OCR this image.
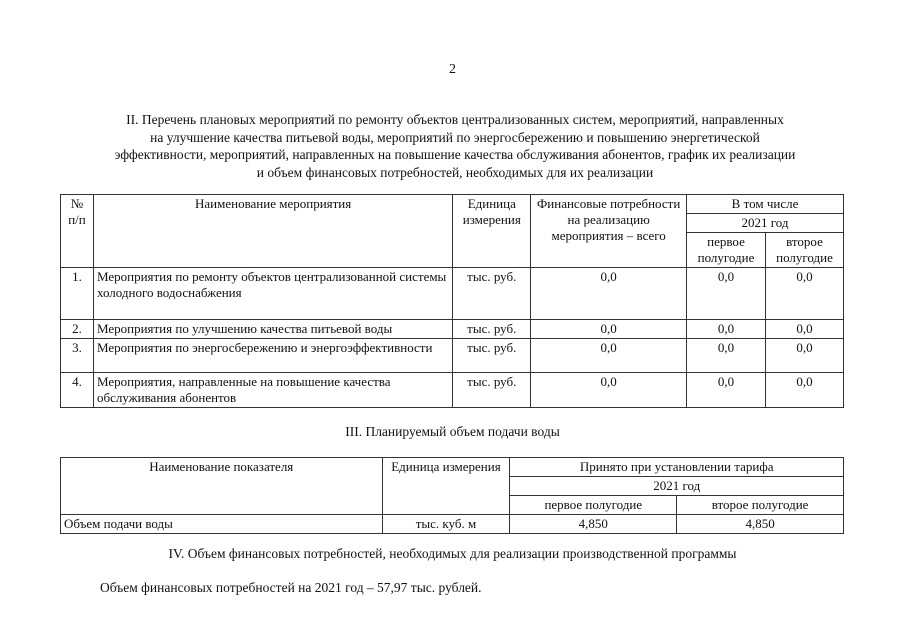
2
II. Перечень плановых мероприятий по ремонту объектов централизованных систем, мероприятий, направленных
на улучшение качества питьевой воды, мероприятий по энергосбережению и повышению энергетической
эффективности, мероприятий, направленных на повышение качества обслуживания абонентов, график их реализации
и объем финансовых потребностей, необходимых для их реализации
№ п/п	Наименование мероприятия	Единица измерения	Финансовые потребности на реализацию мероприятия – всего	В том числе	
				2021 год	
				первое полугодие	второе полугодие
1.	Мероприятия по ремонту объектов централизованной системы холодного водоснабжения	тыс. руб.	0,0	0,0	0,0
2.	Мероприятия по улучшению качества питьевой воды	тыс. руб.	0,0	0,0	0,0
3.	Мероприятия по энергосбережению и энергоэффективности	тыс. руб.	0,0	0,0	0,0
4.	Мероприятия, направленные на повышение качества обслуживания абонентов	тыс. руб.	0,0	0,0	0,0
III. Планируемый объем подачи воды
Наименование показателя	Единица измерения	Принято при установлении тарифа	
		2021 год	
		первое полугодие	второе полугодие
Объем подачи воды	тыс. куб. м	4,850	4,850
IV. Объем финансовых потребностей, необходимых для реализации производственной программы
Объем финансовых потребностей на 2021 год – 57,97 тыс. рублей.
